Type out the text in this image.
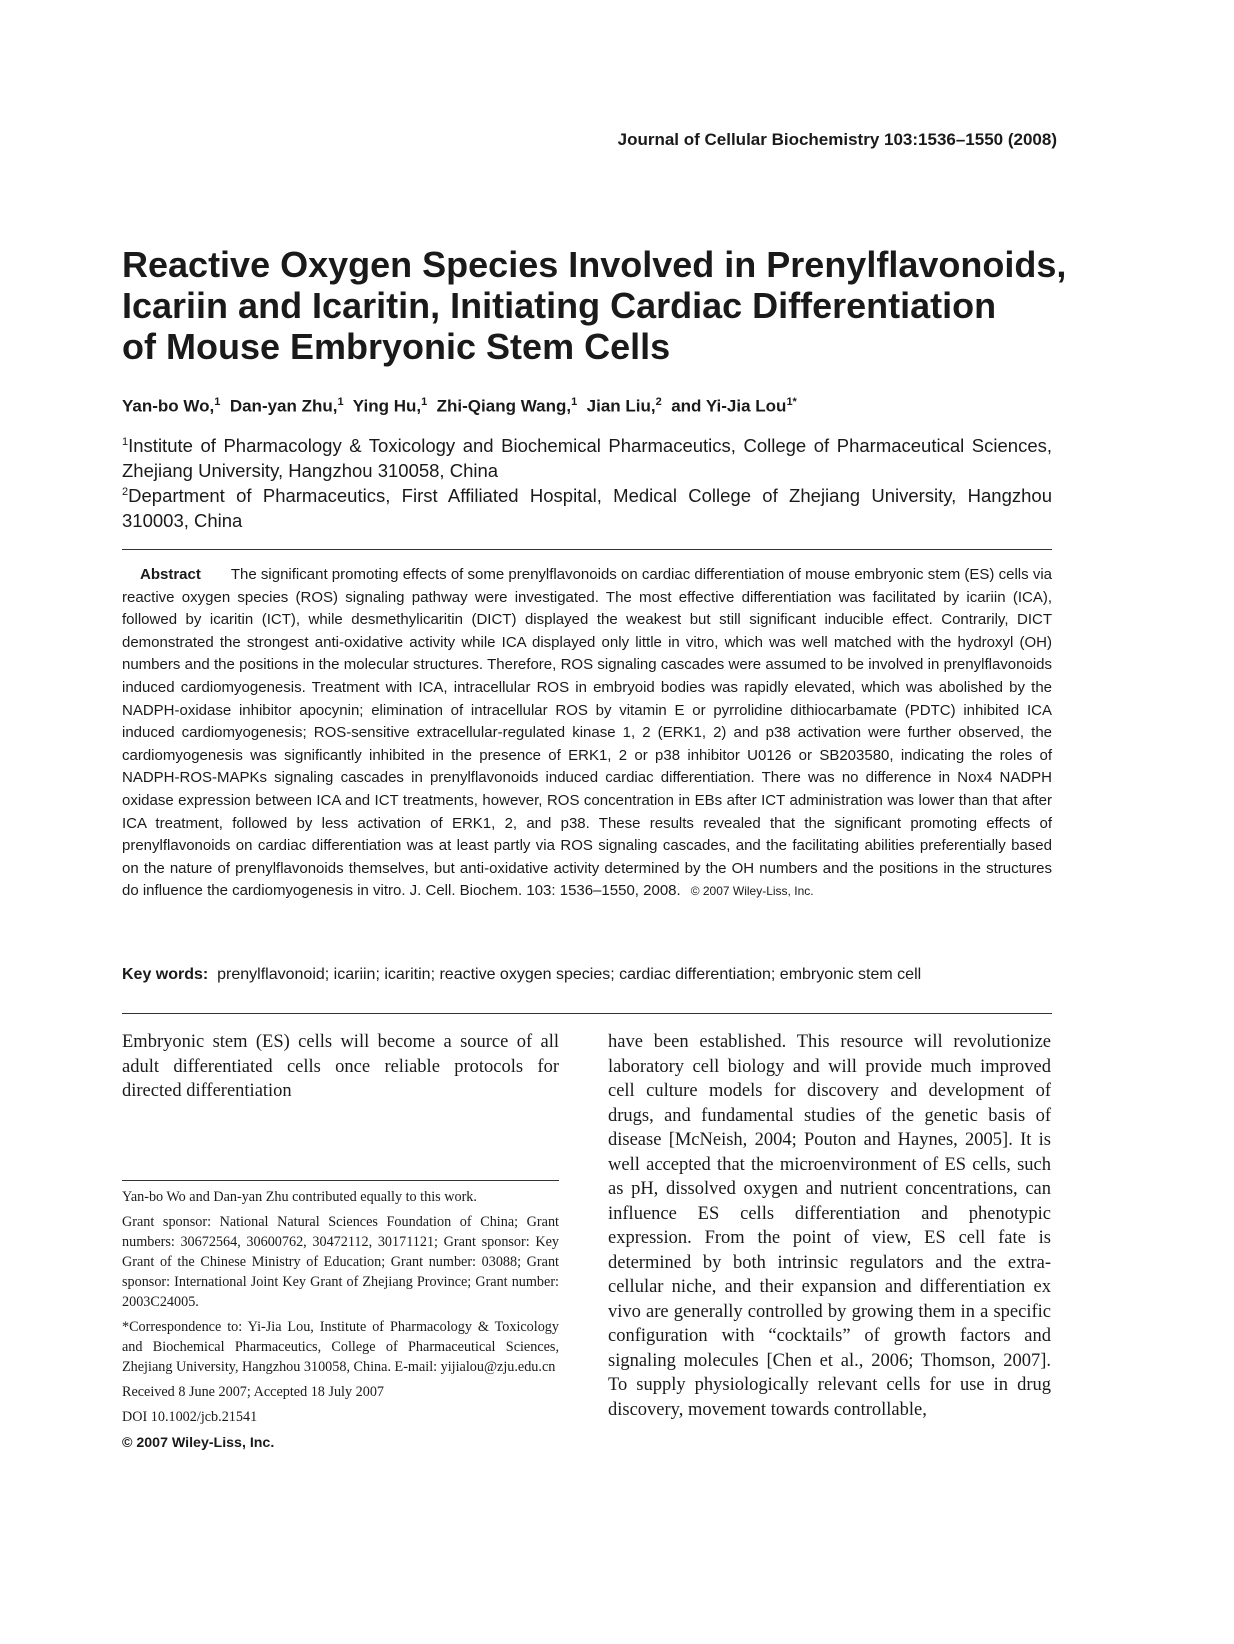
Journal of Cellular Biochemistry 103:1536–1550 (2008)
Reactive Oxygen Species Involved in Prenylflavonoids,
Icariin and Icaritin, Initiating Cardiac Differentiation
of Mouse Embryonic Stem Cells
Yan-bo Wo,$^1$ Dan-yan Zhu,$^1$ Ying Hu,$^1$ Zhi-Qiang Wang,$^1$ Jian Liu,$^2$ and Yi-Jia Lou$^{1*}$
$^1$Institute of Pharmacology & Toxicology and Biochemical Pharmaceutics, College of Pharmaceutical Sciences, Zhejiang University, Hangzhou 310058, China
$^2$Department of Pharmaceutics, First Affiliated Hospital, Medical College of Zhejiang University, Hangzhou 310003, China
Abstract The significant promoting effects of some prenylflavonoids on cardiac differentiation of mouse embryonic stem (ES) cells via reactive oxygen species (ROS) signaling pathway were investigated. The most effective differentiation was facilitated by icariin (ICA), followed by icaritin (ICT), while desmethylicaritin (DICT) displayed the weakest but still significant inducible effect. Contrarily, DICT demonstrated the strongest anti-oxidative activity while ICA displayed only little in vitro, which was well matched with the hydroxyl (OH) numbers and the positions in the molecular structures. Therefore, ROS signaling cascades were assumed to be involved in prenylflavonoids induced cardiomyogenesis. Treatment with ICA, intracellular ROS in embryoid bodies was rapidly elevated, which was abolished by the NADPH-oxidase inhibitor apocynin; elimination of intracellular ROS by vitamin E or pyrrolidine dithiocarbamate (PDTC) inhibited ICA induced cardiomyogenesis; ROS-sensitive extracellular-regulated kinase 1, 2 (ERK1, 2) and p38 activation were further observed, the cardiomyogenesis was significantly inhibited in the presence of ERK1, 2 or p38 inhibitor U0126 or SB203580, indicating the roles of NADPH-ROS-MAPKs signaling cascades in prenylflavonoids induced cardiac differentiation. There was no difference in Nox4 NADPH oxidase expression between ICA and ICT treatments, however, ROS concentration in EBs after ICT administration was lower than that after ICA treatment, followed by less activation of ERK1, 2, and p38. These results revealed that the significant promoting effects of prenylflavonoids on cardiac differentiation was at least partly via ROS signaling cascades, and the facilitating abilities preferentially based on the nature of prenylflavonoids themselves, but anti-oxidative activity determined by the OH numbers and the positions in the structures do influence the cardiomyogenesis in vitro. J. Cell. Biochem. 103: 1536–1550, 2008. © 2007 Wiley-Liss, Inc.
Key words: prenylflavonoid; icariin; icaritin; reactive oxygen species; cardiac differentiation; embryonic stem cell

Embryonic stem (ES) cells will become a source of all adult differentiated cells once reliable protocols for directed differentiation

have been established. This resource will revolutionize laboratory cell biology and will provide much improved cell culture models for discovery and development of drugs, and fundamental studies of the genetic basis of disease [McNeish, 2004; Pouton and Haynes, 2005]. It is well accepted that the microenvironment of ES cells, such as pH, dissolved oxygen and nutrient concentrations, can influence ES cells differentiation and phenotypic expression. From the point of view, ES cell fate is determined by both intrinsic regulators and the extra-cellular niche, and their expansion and differentiation ex vivo are generally controlled by growing them in a specific configuration with “cocktails” of growth factors and signaling molecules [Chen et al., 2006; Thomson, 2007]. To supply physiologically relevant cells for use in drug discovery, movement towards controllable,

Yan-bo Wo and Dan-yan Zhu contributed equally to this work.

Grant sponsor: National Natural Sciences Foundation of China; Grant numbers: 30672564, 30600762, 30472112, 30171121; Grant sponsor: Key Grant of the Chinese Ministry of Education; Grant number: 03088; Grant sponsor: International Joint Key Grant of Zhejiang Province; Grant number: 2003C24005.

*Correspondence to: Yi-Jia Lou, Institute of Pharmacology & Toxicology and Biochemical Pharmaceutics, College of Pharmaceutical Sciences, Zhejiang University, Hangzhou 310058, China. E-mail: yijialou@zju.edu.cn

Received 8 June 2007; Accepted 18 July 2007

DOI 10.1002/jcb.21541

© 2007 Wiley-Liss, Inc.
